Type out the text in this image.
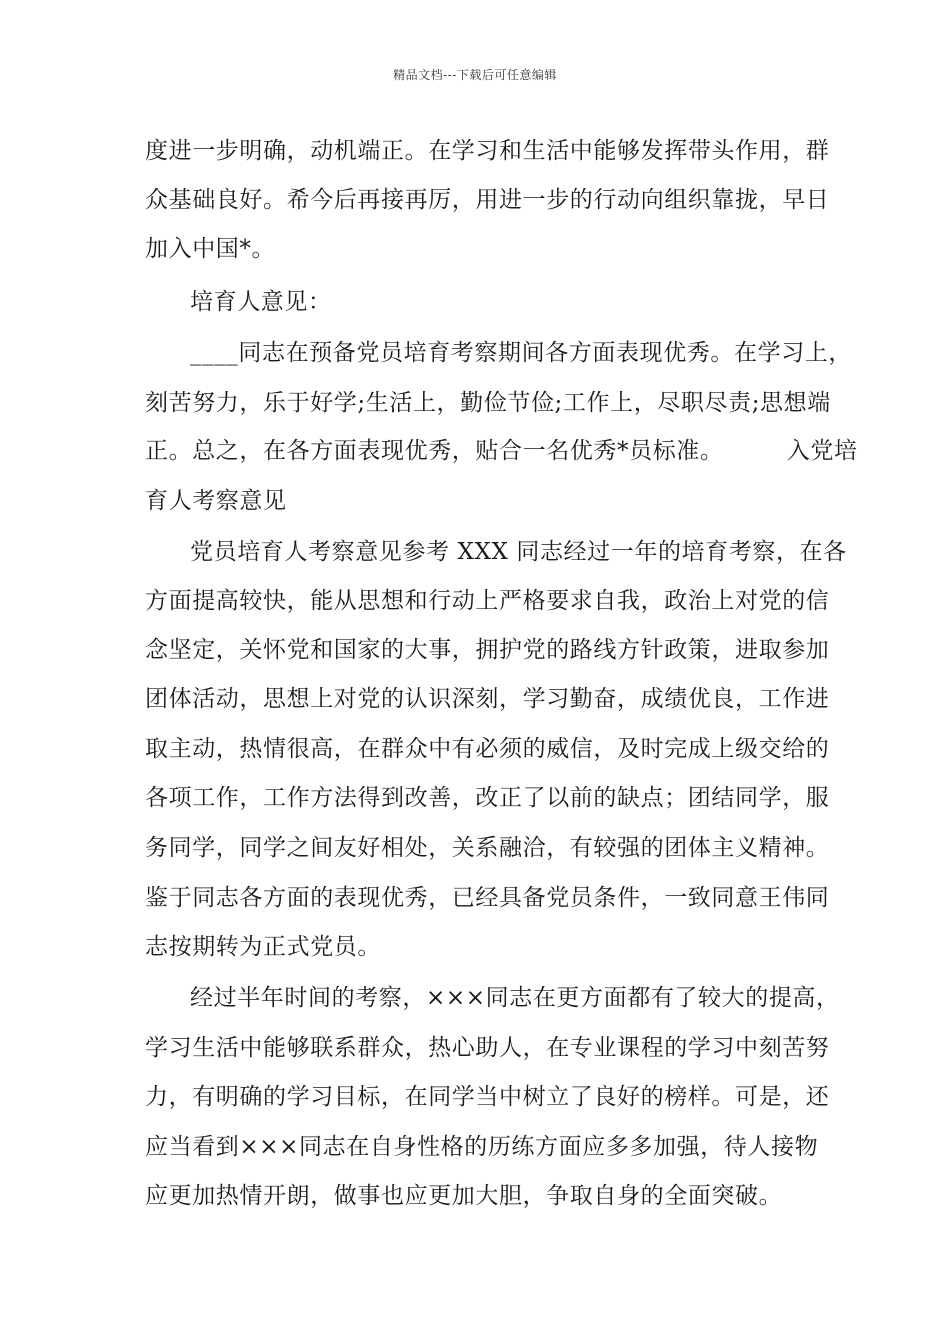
精品文档---下载后可任意编辑
度进一步明确，动机端正。在学习和生活中能够发挥带头作用，群
众基础良好。希今后再接再厉，用进一步的行动向组织靠拢，早日
加入中国*。
培育人意见：
____同志在预备党员培育考察期间各方面表现优秀。在学习上，
刻苦努力，乐于好学;生活上，勤俭节俭;工作上，尽职尽责;思想端
正。总之，在各方面表现优秀，贴合一名优秀*员标准。        入党培
育人考察意见
党员培育人考察意见参考 XXX 同志经过一年的培育考察，在各
方面提高较快，能从思想和行动上严格要求自我，政治上对党的信
念坚定，关怀党和国家的大事，拥护党的路线方针政策，进取参加
团体活动，思想上对党的认识深刻，学习勤奋，成绩优良，工作进
取主动，热情很高，在群众中有必须的威信，及时完成上级交给的
各项工作，工作方法得到改善，改正了以前的缺点；团结同学，服
务同学，同学之间友好相处，关系融洽，有较强的团体主义精神。
鉴于同志各方面的表现优秀，已经具备党员条件，一致同意王伟同
志按期转为正式党员。
经过半年时间的考察，×××同志在更方面都有了较大的提高，
学习生活中能够联系群众，热心助人，在专业课程的学习中刻苦努
力，有明确的学习目标，在同学当中树立了良好的榜样。可是，还
应当看到×××同志在自身性格的历练方面应多多加强，待人接物
应更加热情开朗，做事也应更加大胆，争取自身的全面突破。
